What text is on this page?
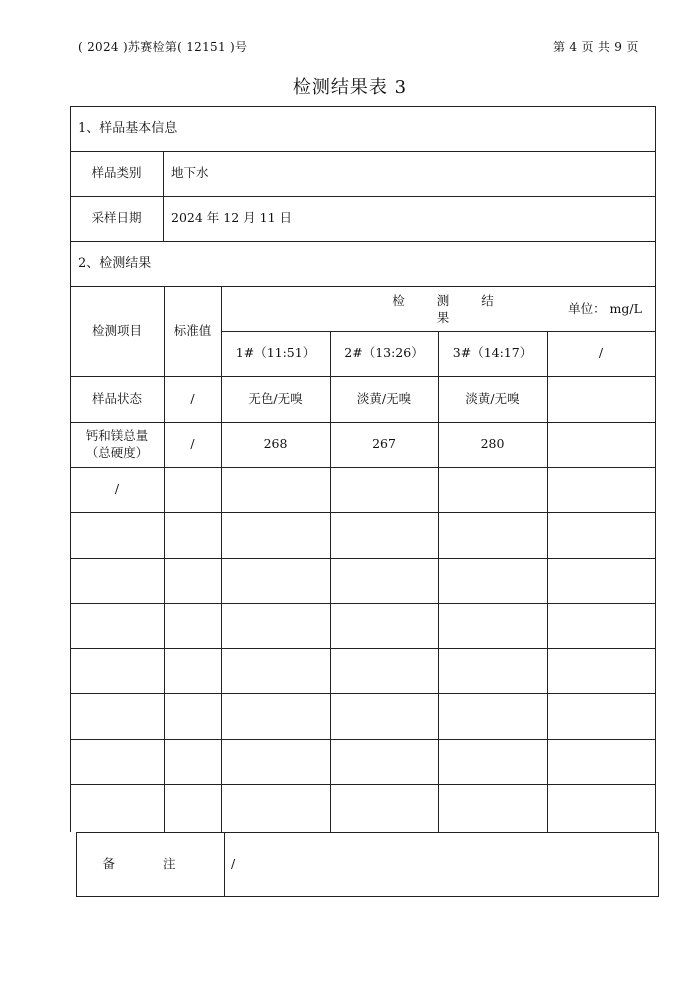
( 2024 )苏赛检第( 12151 )号	第 4 页 共 9 页
检测结果表 3
1、样品基本信息
样品类别	地下水
采样日期	2024 年 12 月 11 日
2、检测结果
检测项目	标准值
检 测 结 果
单位： mg/L
1#（11:51）	2#（13:26）	3#（14:17）	/
样品状态	/	无色/无嗅	淡黄/无嗅	淡黄/无嗅
钙和镁总量
（总硬度）
/	268	267	280
/
备 注	/
